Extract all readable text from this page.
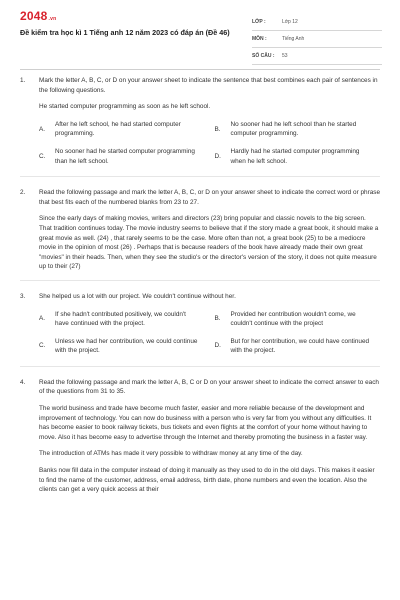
2048.vn
Đề kiểm tra học kì 1 Tiếng anh 12 năm 2023 có đáp án (Đề 46)
LỚP :	Lớp 12
MÔN :	Tiếng Anh
SỐ CÂU :	53
1. Mark the letter A, B, C, or D on your answer sheet to indicate the sentence that best combines each pair of sentences in the following questions.

He started computer programming as soon as he left school.

A.
After he left school, he had started computer programming.
B.
No sooner had he left school than he started computer programming.
C.
No sooner had he started computer programming than he left school.
D.
Hardly had he started computer programming when he left school.
2. Read the following passage and mark the letter A, B, C, or D on your answer sheet to indicate the correct word or phrase that best fits each of the numbered blanks from 23 to 27.

Since the early days of making movies, writers and directors (23) bring popular and classic novels to the big screen. That tradition continues today. The movie industry seems to believe that if the story made a great book, it should make a great movie as well. (24) , that rarely seems to be the case. More often than not, a great book (25) to be a mediocre movie in the opinion of most (26) . Perhaps that is because readers of the book have already made their own great "movies" in their heads. Then, when they see the studio's or the director's version of the story, it does not quite measure up to their (27)

3. She helped us a lot with our project. We couldn't continue without her.

A.
If she hadn't contributed positively, we couldn't have continued with the project.
B.
Provided her contribution wouldn't come, we couldn't continue with the project
C.
Unless we had her contribution, we could continue with the project.
D.
But for her contribution, we could have continued with the project.
4. Read the following passage and mark the letter A, B, C or D on your answer sheet to indicate the correct answer to each of the questions from 31 to 35.

The world business and trade have become much faster, easier and more reliable because of the development and improvement of technology. You can now do business with a person who is very far from you without any difficulties. It has become easier to book railway tickets, bus tickets and even flights at the comfort of your home without having to move. Also it has become easy to advertise through the Internet and thereby promoting the business in a faster way.

The introduction of ATMs has made it very possible to withdraw money at any time of the day.

Banks now fill data in the computer instead of doing it manually as they used to do in the old days. This makes it easier to find the name of the customer, address, email address, birth date, phone numbers and even the location. Also the clients can get a very quick access at their
